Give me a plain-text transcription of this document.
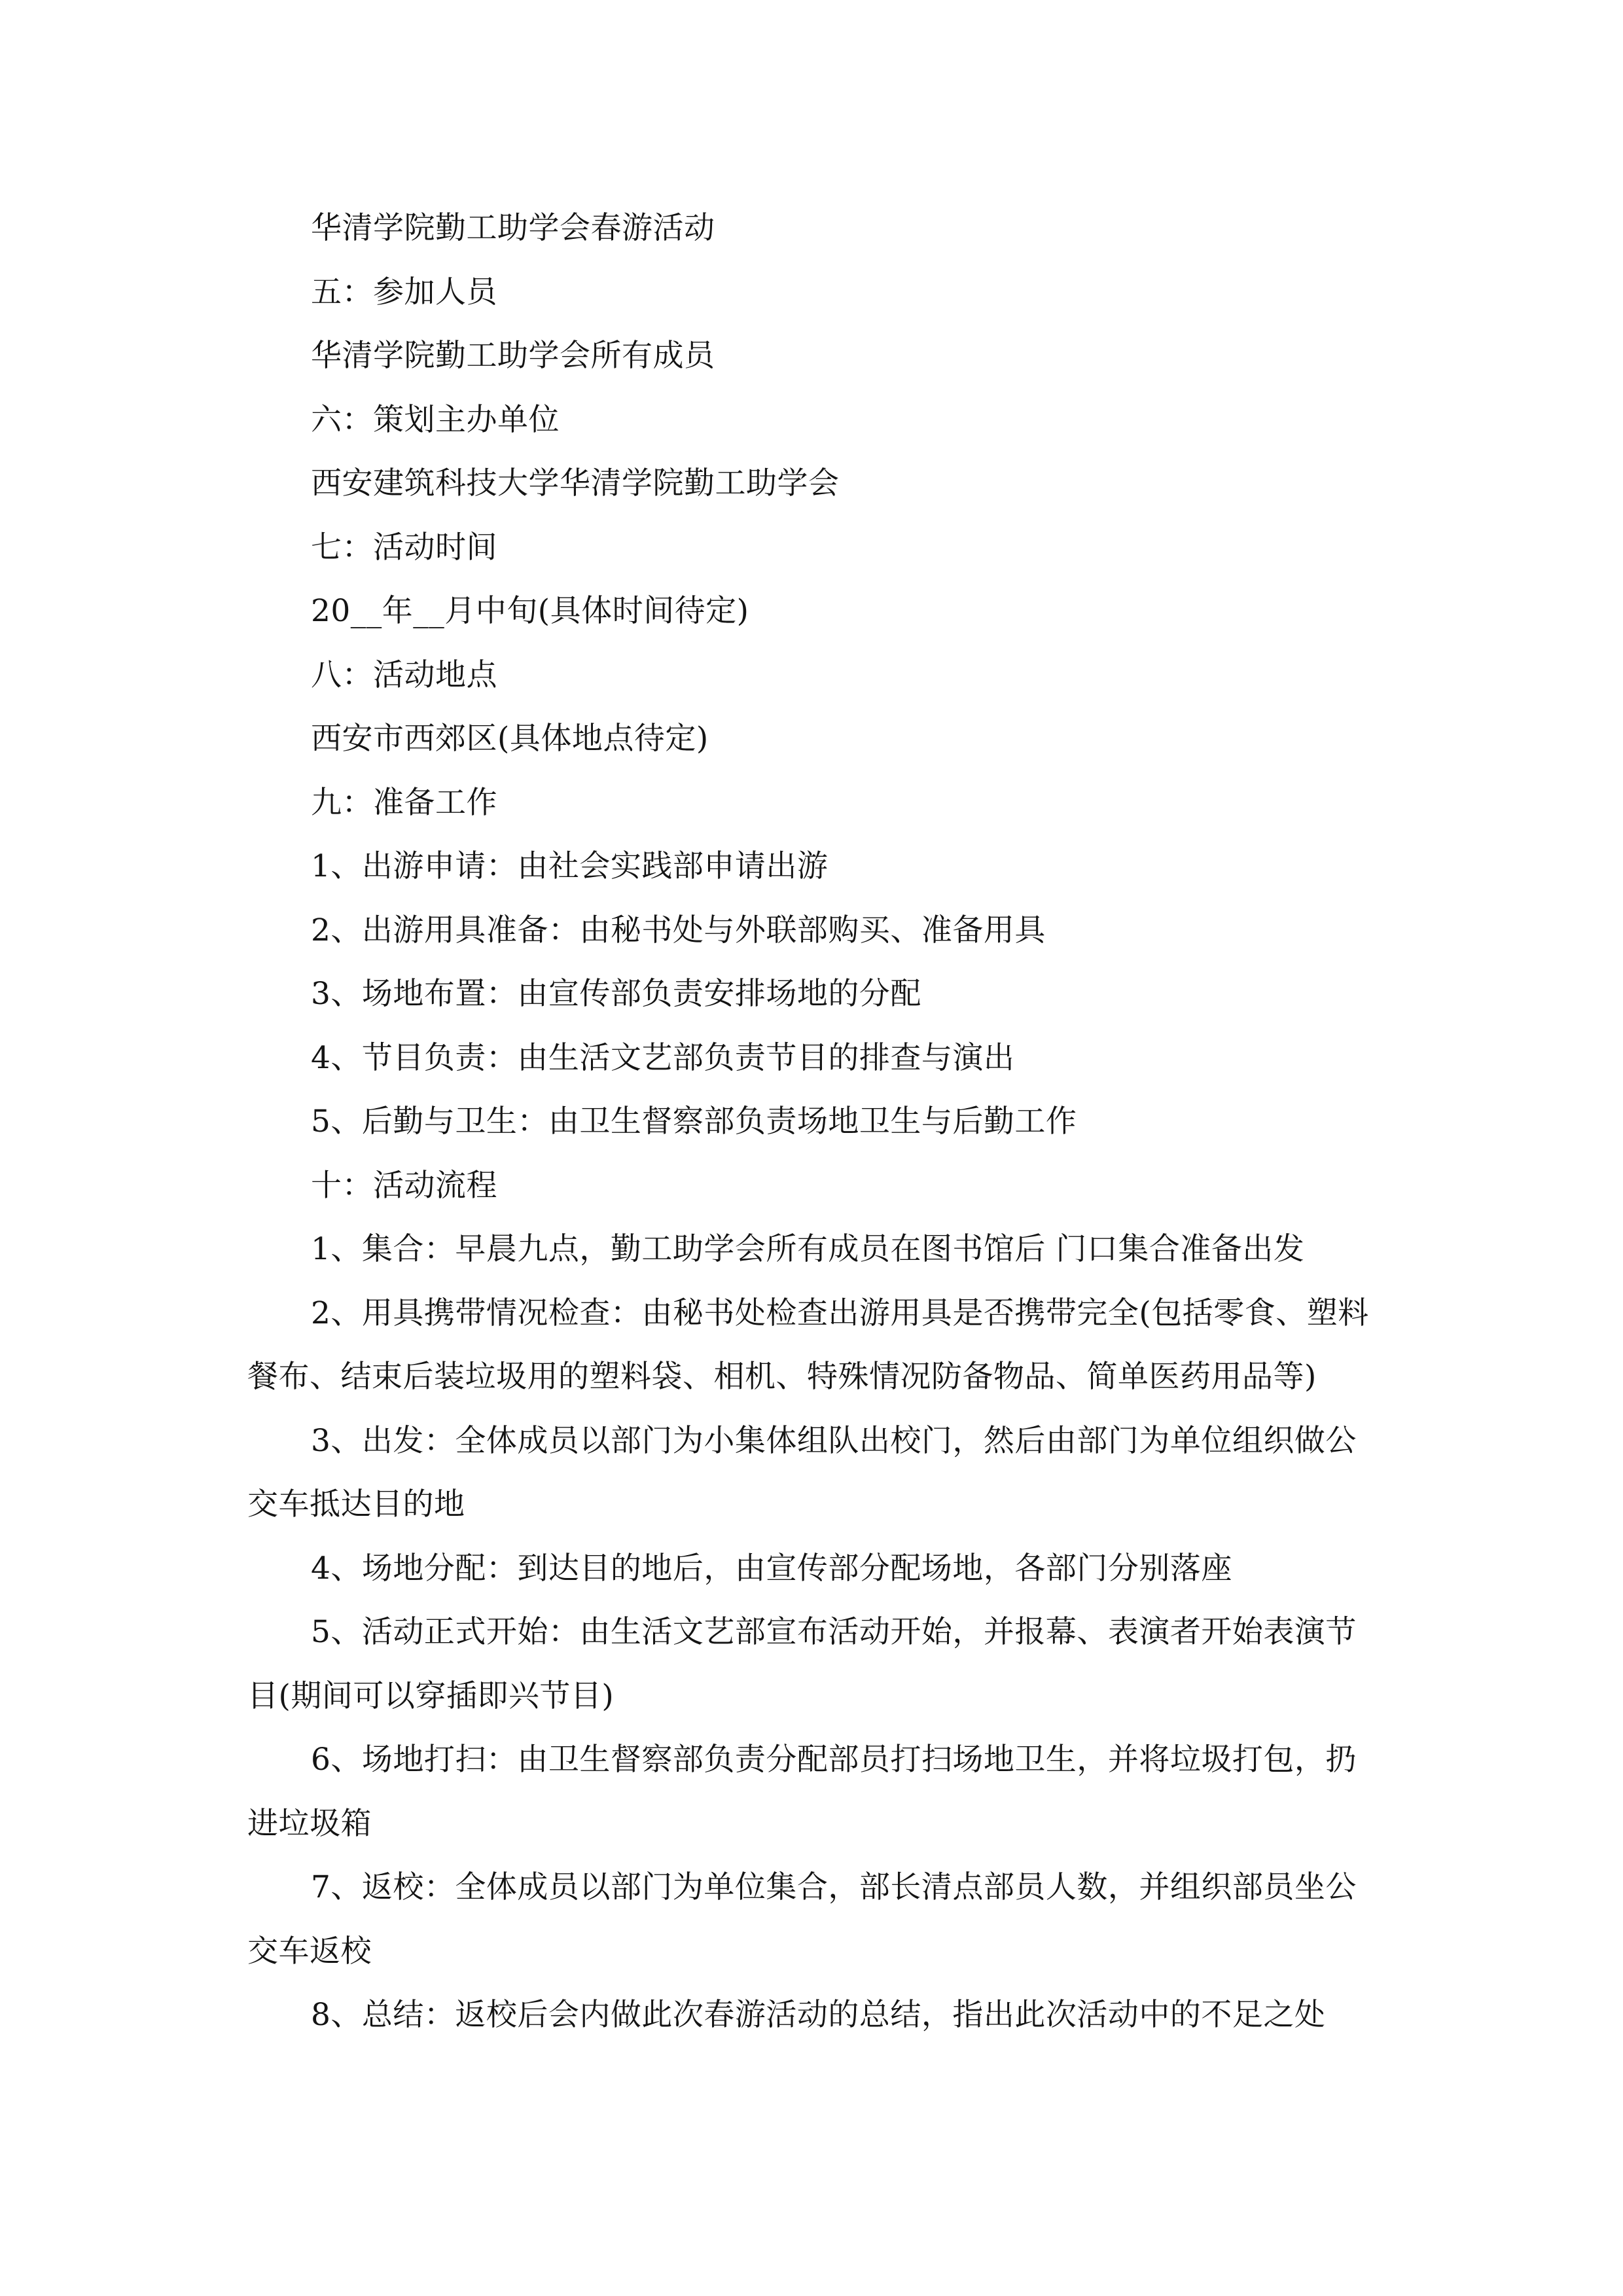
华清学院勤工助学会春游活动

五：参加人员

华清学院勤工助学会所有成员

六：策划主办单位

西安建筑科技大学华清学院勤工助学会

七：活动时间

20__年__月中旬(具体时间待定)

八：活动地点

西安市西郊区(具体地点待定)

九：准备工作

1、出游申请：由社会实践部申请出游

2、出游用具准备：由秘书处与外联部购买、准备用具

3、场地布置：由宣传部负责安排场地的分配

4、节目负责：由生活文艺部负责节目的排查与演出

5、后勤与卫生：由卫生督察部负责场地卫生与后勤工作

十：活动流程

1、集合：早晨九点，勤工助学会所有成员在图书馆后 门口集合准备出发

2、用具携带情况检查：由秘书处检查出游用具是否携带完全(包括零食、塑料餐布、结束后装垃圾用的塑料袋、相机、特殊情况防备物品、简单医药用品等)

3、出发：全体成员以部门为小集体组队出校门，然后由部门为单位组织做公交车抵达目的地

4、场地分配：到达目的地后，由宣传部分配场地，各部门分别落座

5、活动正式开始：由生活文艺部宣布活动开始，并报幕、表演者开始表演节目(期间可以穿插即兴节目)

6、场地打扫：由卫生督察部负责分配部员打扫场地卫生，并将垃圾打包，扔进垃圾箱

7、返校：全体成员以部门为单位集合，部长清点部员人数，并组织部员坐公交车返校

8、总结：返校后会内做此次春游活动的总结，指出此次活动中的不足之处
